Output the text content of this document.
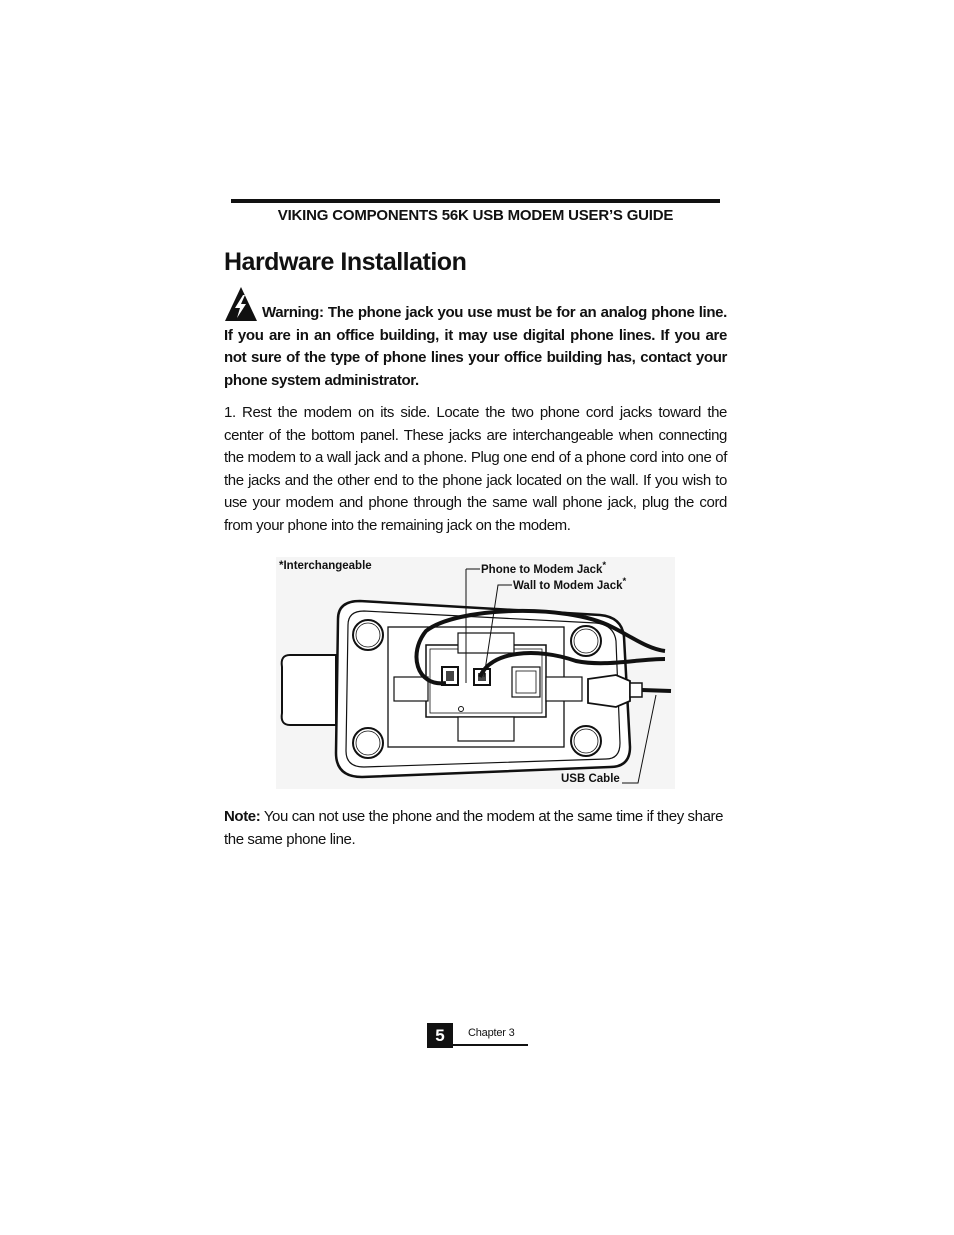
VIKING COMPONENTS 56K USB MODEM USER’S GUIDE
Hardware Installation

Warning: The phone jack you use must be for an analog phone line. If you are in an office building, it may use digital phone lines. If you are not sure of the type of phone lines your office building has, contact your phone system administrator.

1. Rest the modem on its side. Locate the two phone cord jacks toward the center of the bottom panel. These jacks are interchangeable when connecting the modem to a wall jack and a phone. Plug one end of a phone cord into one of the jacks and the other end to the phone jack located on the wall. If you wish to use your modem and phone through the same wall phone jack, plug the cord from your phone into the remaining jack on the modem.

*Interchangeable	Phone to Modem Jack*
Wall to Modem Jack*
USB Cable

Note: You can not use the phone and the modem at the same time if they share the same phone line.

5	Chapter 3
